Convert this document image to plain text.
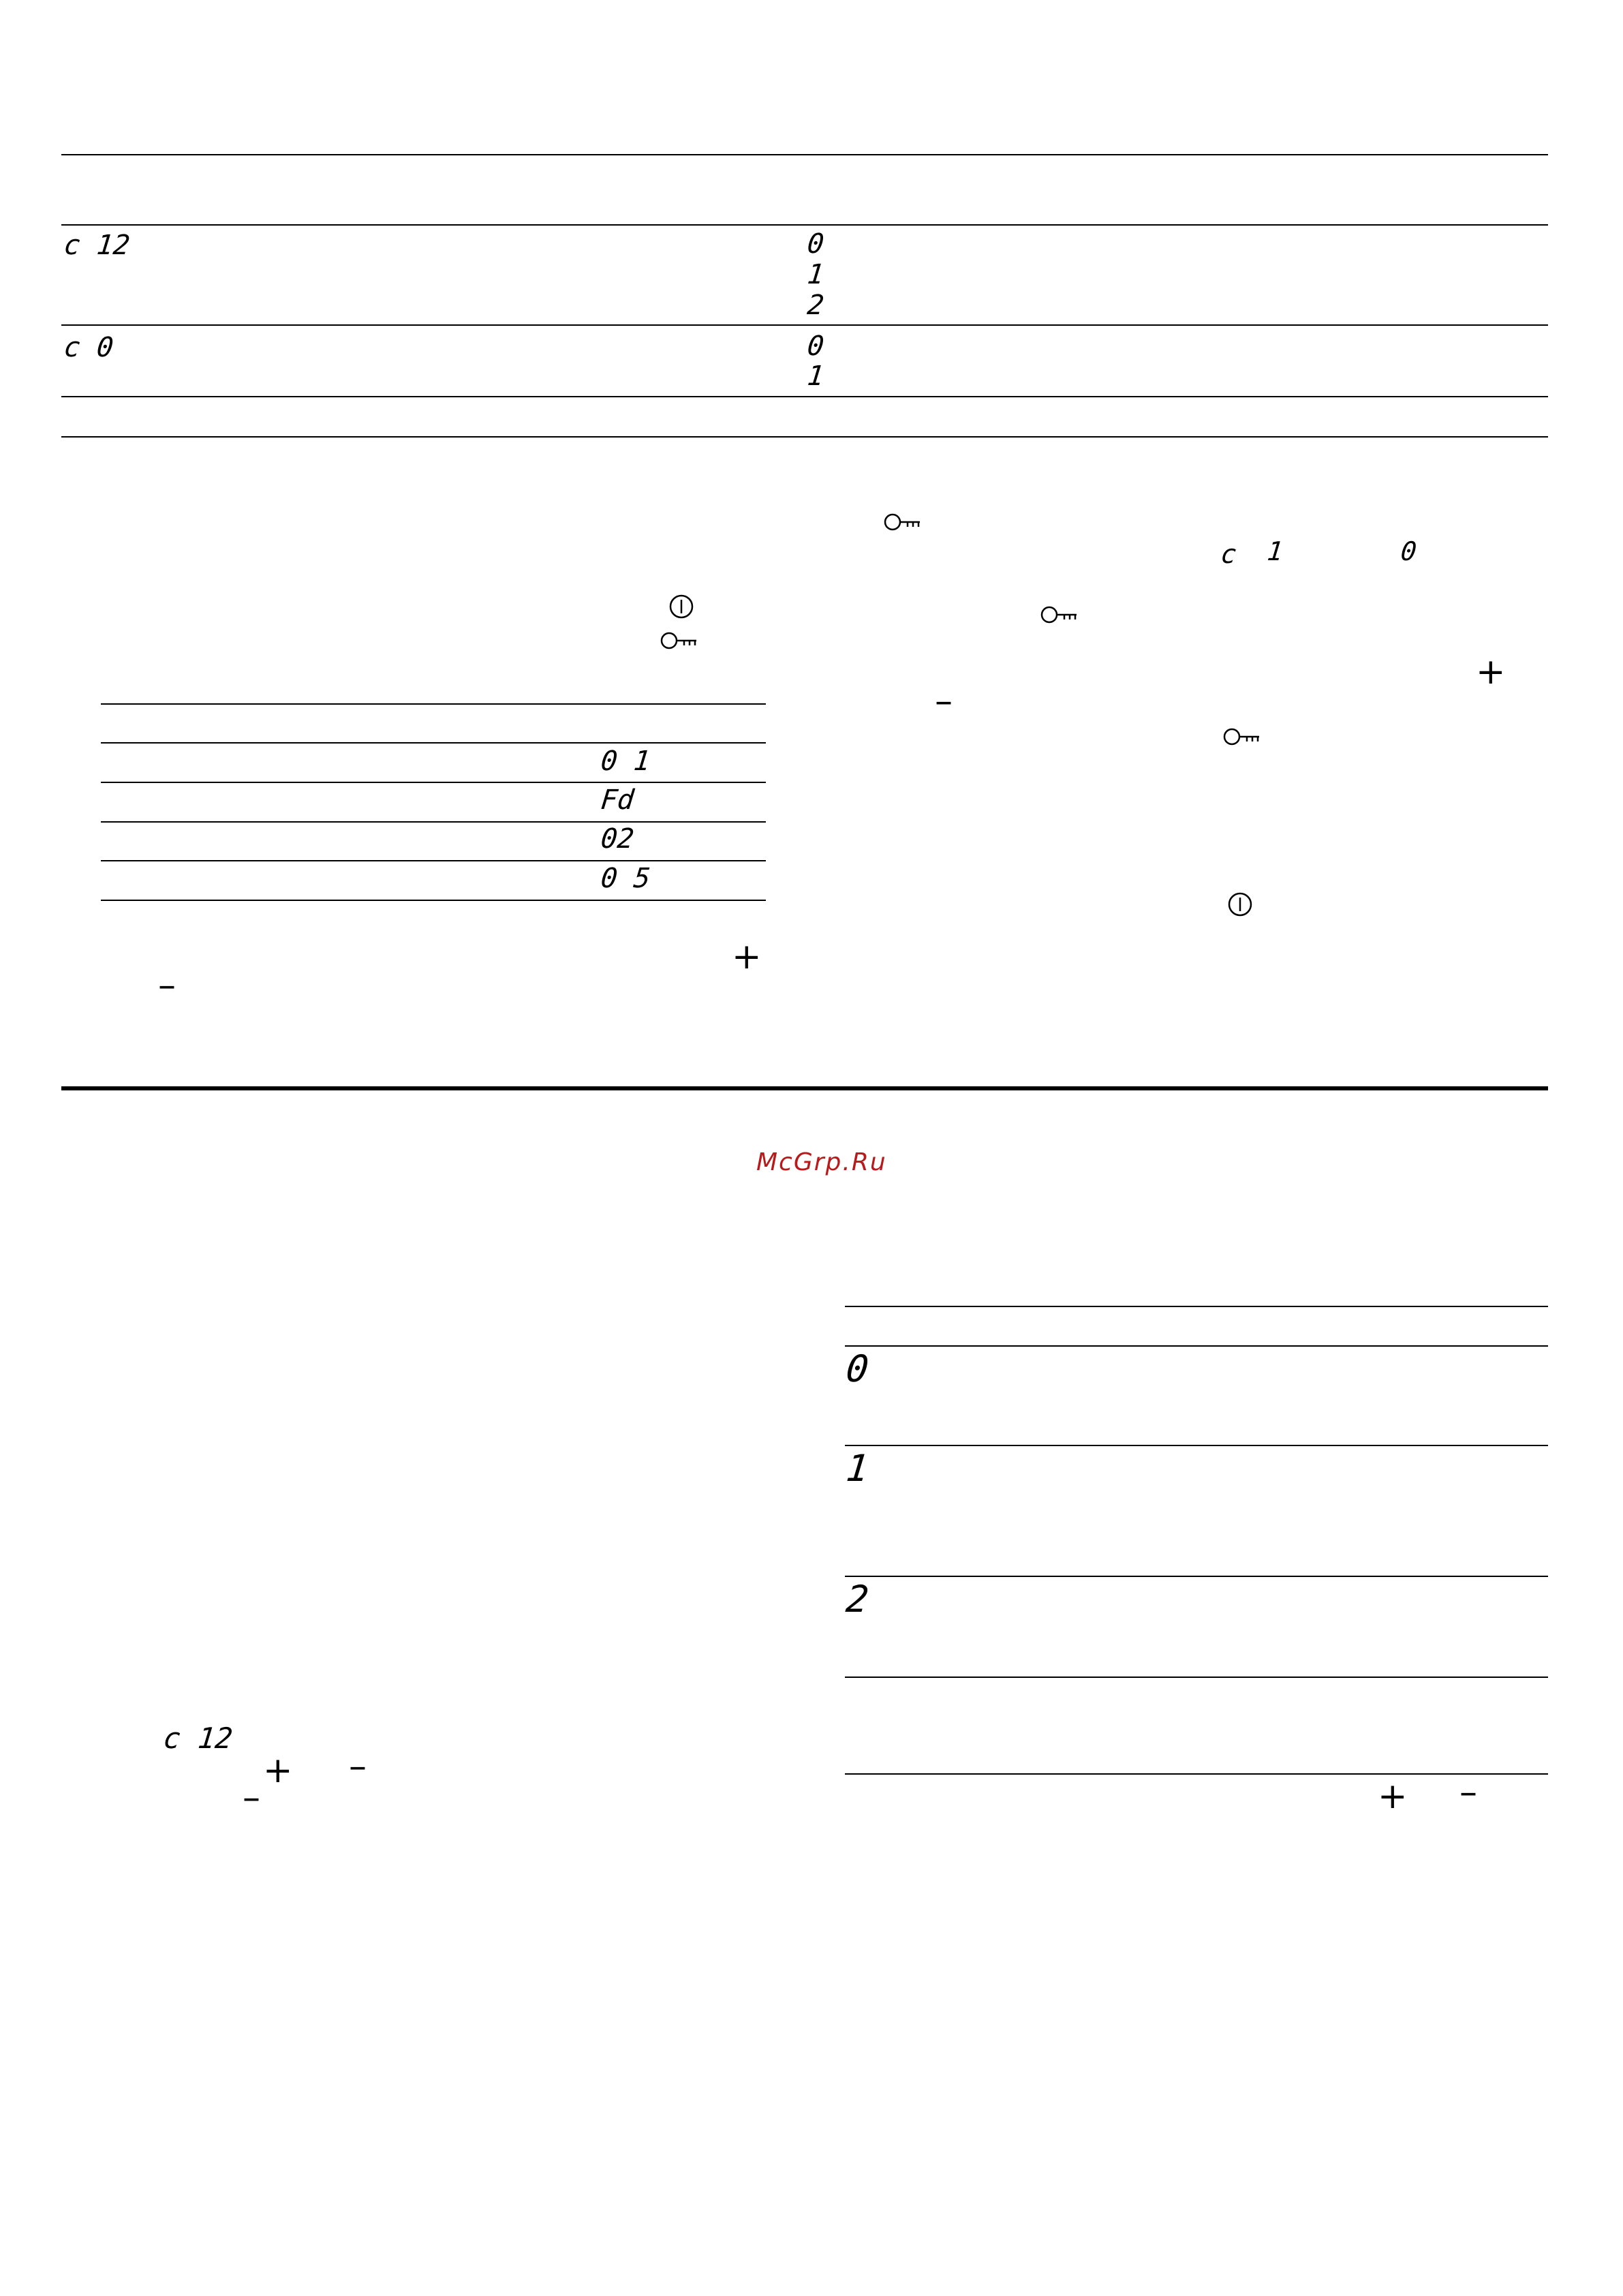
c 12	0
1
2
c 0	0
1
0 1
Fd
02
0 5
+
–
c 1	0
+
–
McGrp.Ru
c 12
+ –
–
0
1
2
+ –
